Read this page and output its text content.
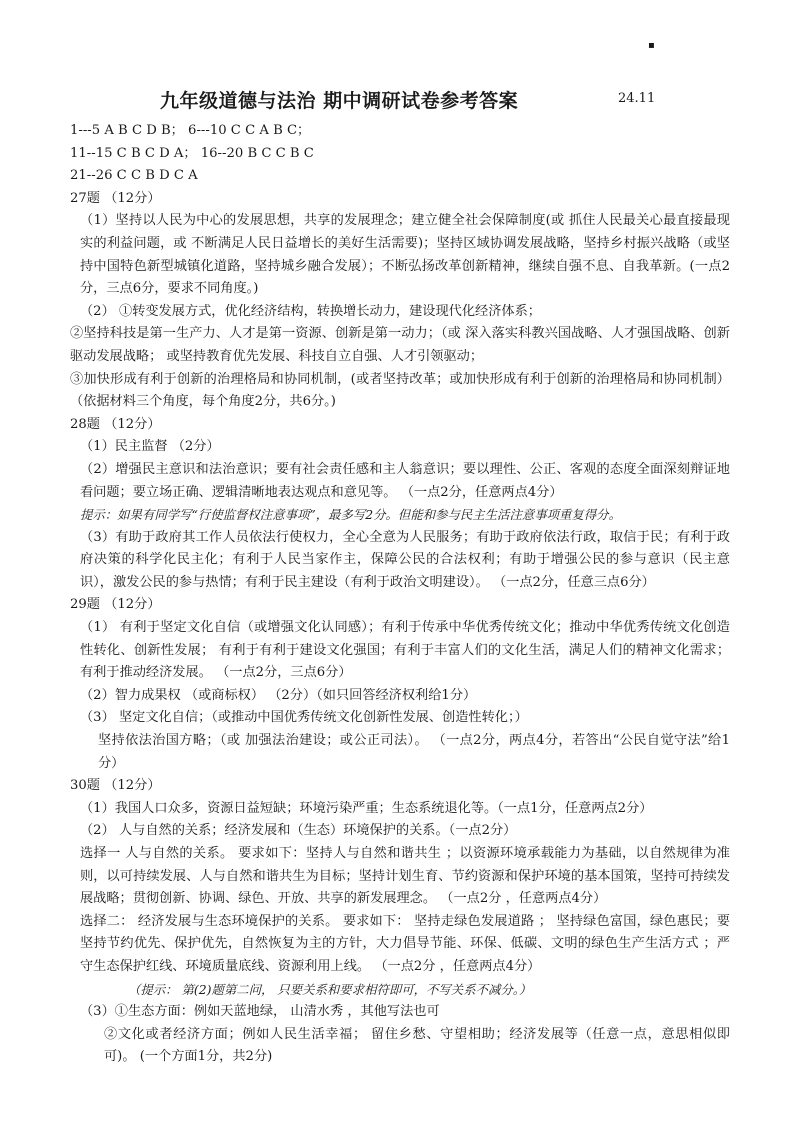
▪
九年级道德与法治 期中调研试卷参考答案	24.11
1---5 A B C D B； 6---10 C C A B C；
11--15 C B C D A； 16--20 B C C B C
21--26 C C B D C A
27题 （12分）
（1）坚持以人民为中心的发展思想，共享的发展理念；建立健全社会保障制度(或 抓住人民最关心最直接最现实的利益问题，或 不断满足人民日益增长的美好生活需要)；坚持区域协调发展战略，坚持乡村振兴战略（或坚持中国特色新型城镇化道路，坚持城乡融合发展）；不断弘扬改革创新精神，继续自强不息、自我革新。(一点2分，三点6分，要求不同角度。)
（2） ①转变发展方式，优化经济结构，转换增长动力，建设现代化经济体系；
②坚持科技是第一生产力、人才是第一资源、创新是第一动力；（或 深入落实科教兴国战略、人才强国战略、创新驱动发展战略； 或坚持教育优先发展、科技自立自强、人才引领驱动；
③加快形成有利于创新的治理格局和协同机制，(或者坚持改革；或加快形成有利于创新的治理格局和协同机制） （依据材料三个角度，每个角度2分，共6分。)
28题 （12分）
（1）民主监督 （2分）
（2）增强民主意识和法治意识；要有社会责任感和主人翁意识；要以理性、公正、客观的态度全面深刻辩证地看问题；要立场正确、逻辑清晰地表达观点和意见等。 （一点2分，任意两点4分）
提示：如果有同学写“行使监督权注意事项”，最多写2分。但能和参与民主生活注意事项重复得分。
（3）有助于政府其工作人员依法行使权力，全心全意为人民服务；有助于政府依法行政，取信于民；有利于政府决策的科学化民主化；有利于人民当家作主，保障公民的合法权利；有助于增强公民的参与意识（民主意识），激发公民的参与热情；有利于民主建设（有利于政治文明建设）。 （一点2分，任意三点6分）
29题 （12分）
（1） 有利于坚定文化自信（或增强文化认同感）；有利于传承中华优秀传统文化；推动中华优秀传统文化创造性转化、创新性发展； 有利于有利于建设文化强国；有利于丰富人们的文化生活，满足人们的精神文化需求；有利于推动经济发展。 （一点2分，三点6分）
（2）智力成果权 （或商标权） （2分）（如只回答经济权利给1分）
（3） 坚定文化自信；（或推动中国优秀传统文化创新性发展、创造性转化；）
坚持依法治国方略；（或 加强法治建设；或公正司法）。 （一点2分，两点4分，若答出“公民自觉守法”给1分）
30题 （12分）
（1）我国人口众多，资源日益短缺；环境污染严重；生态系统退化等。（一点1分，任意两点2分）
（2） 人与自然的关系；经济发展和（生态）环境保护的关系。（一点2分）
选择一 人与自然的关系。 要求如下：坚持人与自然和谐共生 ；以资源环境承载能力为基础，以自然规律为准则，以可持续发展、人与自然和谐共生为目标；坚持计划生育、节约资源和保护环境的基本国策，坚持可持续发展战略；贯彻创新、协调、绿色、开放、共享的新发展理念。 （一点2分 ，任意两点4分）
选择二： 经济发展与生态环境保护的关系。 要求如下： 坚持走绿色发展道路 ； 坚持绿色富国，绿色惠民；要坚持节约优先、保护优先，自然恢复为主的方针，大力倡导节能、环保、低碳、文明的绿色生产生活方式 ；严守生态保护红线、环境质量底线、资源利用上线。 （一点2分 ，任意两点4分）
（提示： 第(2)题第二问， 只要关系和要求相符即可，不写关系不减分。）
（3）①生态方面：例如天蓝地绿， 山清水秀 ，其他写法也可
②文化或者经济方面；例如人民生活幸福； 留住乡愁、守望相助；经济发展等（任意一点，意思相似即可)。 (一个方面1分，共2分)
